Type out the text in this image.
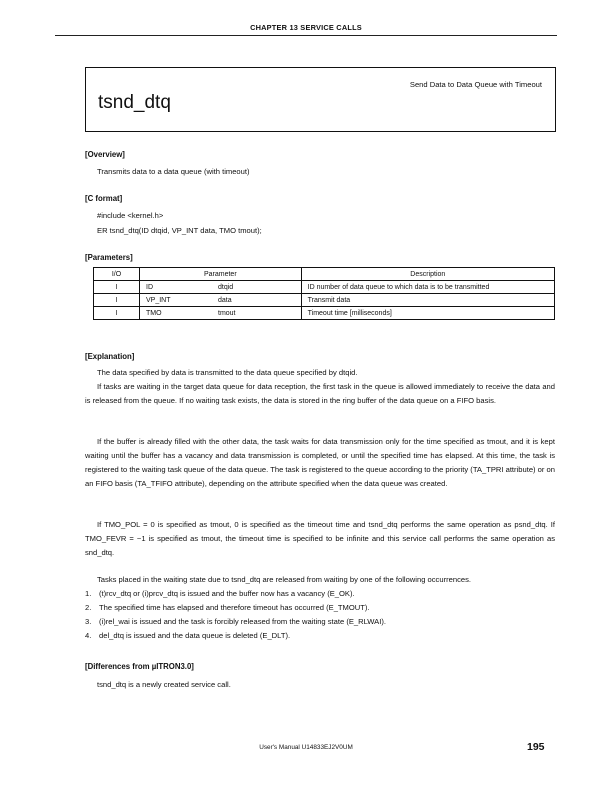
CHAPTER 13 SERVICE CALLS
tsnd_dtq
Send Data to Data Queue with Timeout
[Overview]
Transmits data to a data queue (with timeout)
[C format]
#include <kernel.h>
ER tsnd_dtq(ID dtqid, VP_INT data, TMO tmout);
[Parameters]
I/O	Parameter		Description
I	ID	dtqid	ID number of data queue to which data is to be transmitted
I	VP_INT	data	Transmit data
I	TMO	tmout	Timeout time [milliseconds]
[Explanation]
The data specified by data is transmitted to the data queue specified by dtqid.
If tasks are waiting in the target data queue for data reception, the first task in the queue is allowed immediately to receive the data and is released from the queue. If no waiting task exists, the data is stored in the ring buffer of the data queue on a FIFO basis.
If the buffer is already filled with the other data, the task waits for data transmission only for the time specified as tmout, and it is kept waiting until the buffer has a vacancy and data transmission is completed, or until the specified time has elapsed. At this time, the task is registered to the waiting task queue of the data queue. The task is registered to the queue according to the priority (TA_TPRI attribute) or on an FIFO basis (TA_TFIFO attribute), depending on the attribute specified when the data queue was created.
If TMO_POL = 0 is specified as tmout, 0 is specified as the timeout time and tsnd_dtq performs the same operation as psnd_dtq. If TMO_FEVR = −1 is specified as tmout, the timeout time is specified to be infinite and this service call performs the same operation as snd_dtq.
Tasks placed in the waiting state due to tsnd_dtq are released from waiting by one of the following occurrences.
1. (t)rcv_dtq or (i)prcv_dtq is issued and the buffer now has a vacancy (E_OK).
2. The specified time has elapsed and therefore timeout has occurred (E_TMOUT).
3. (i)rel_wai is issued and the task is forcibly released from the waiting state (E_RLWAI).
4. del_dtq is issued and the data queue is deleted (E_DLT).
[Differences from µITRON3.0]
tsnd_dtq is a newly created service call.
User's Manual U14833EJ2V0UM	195
